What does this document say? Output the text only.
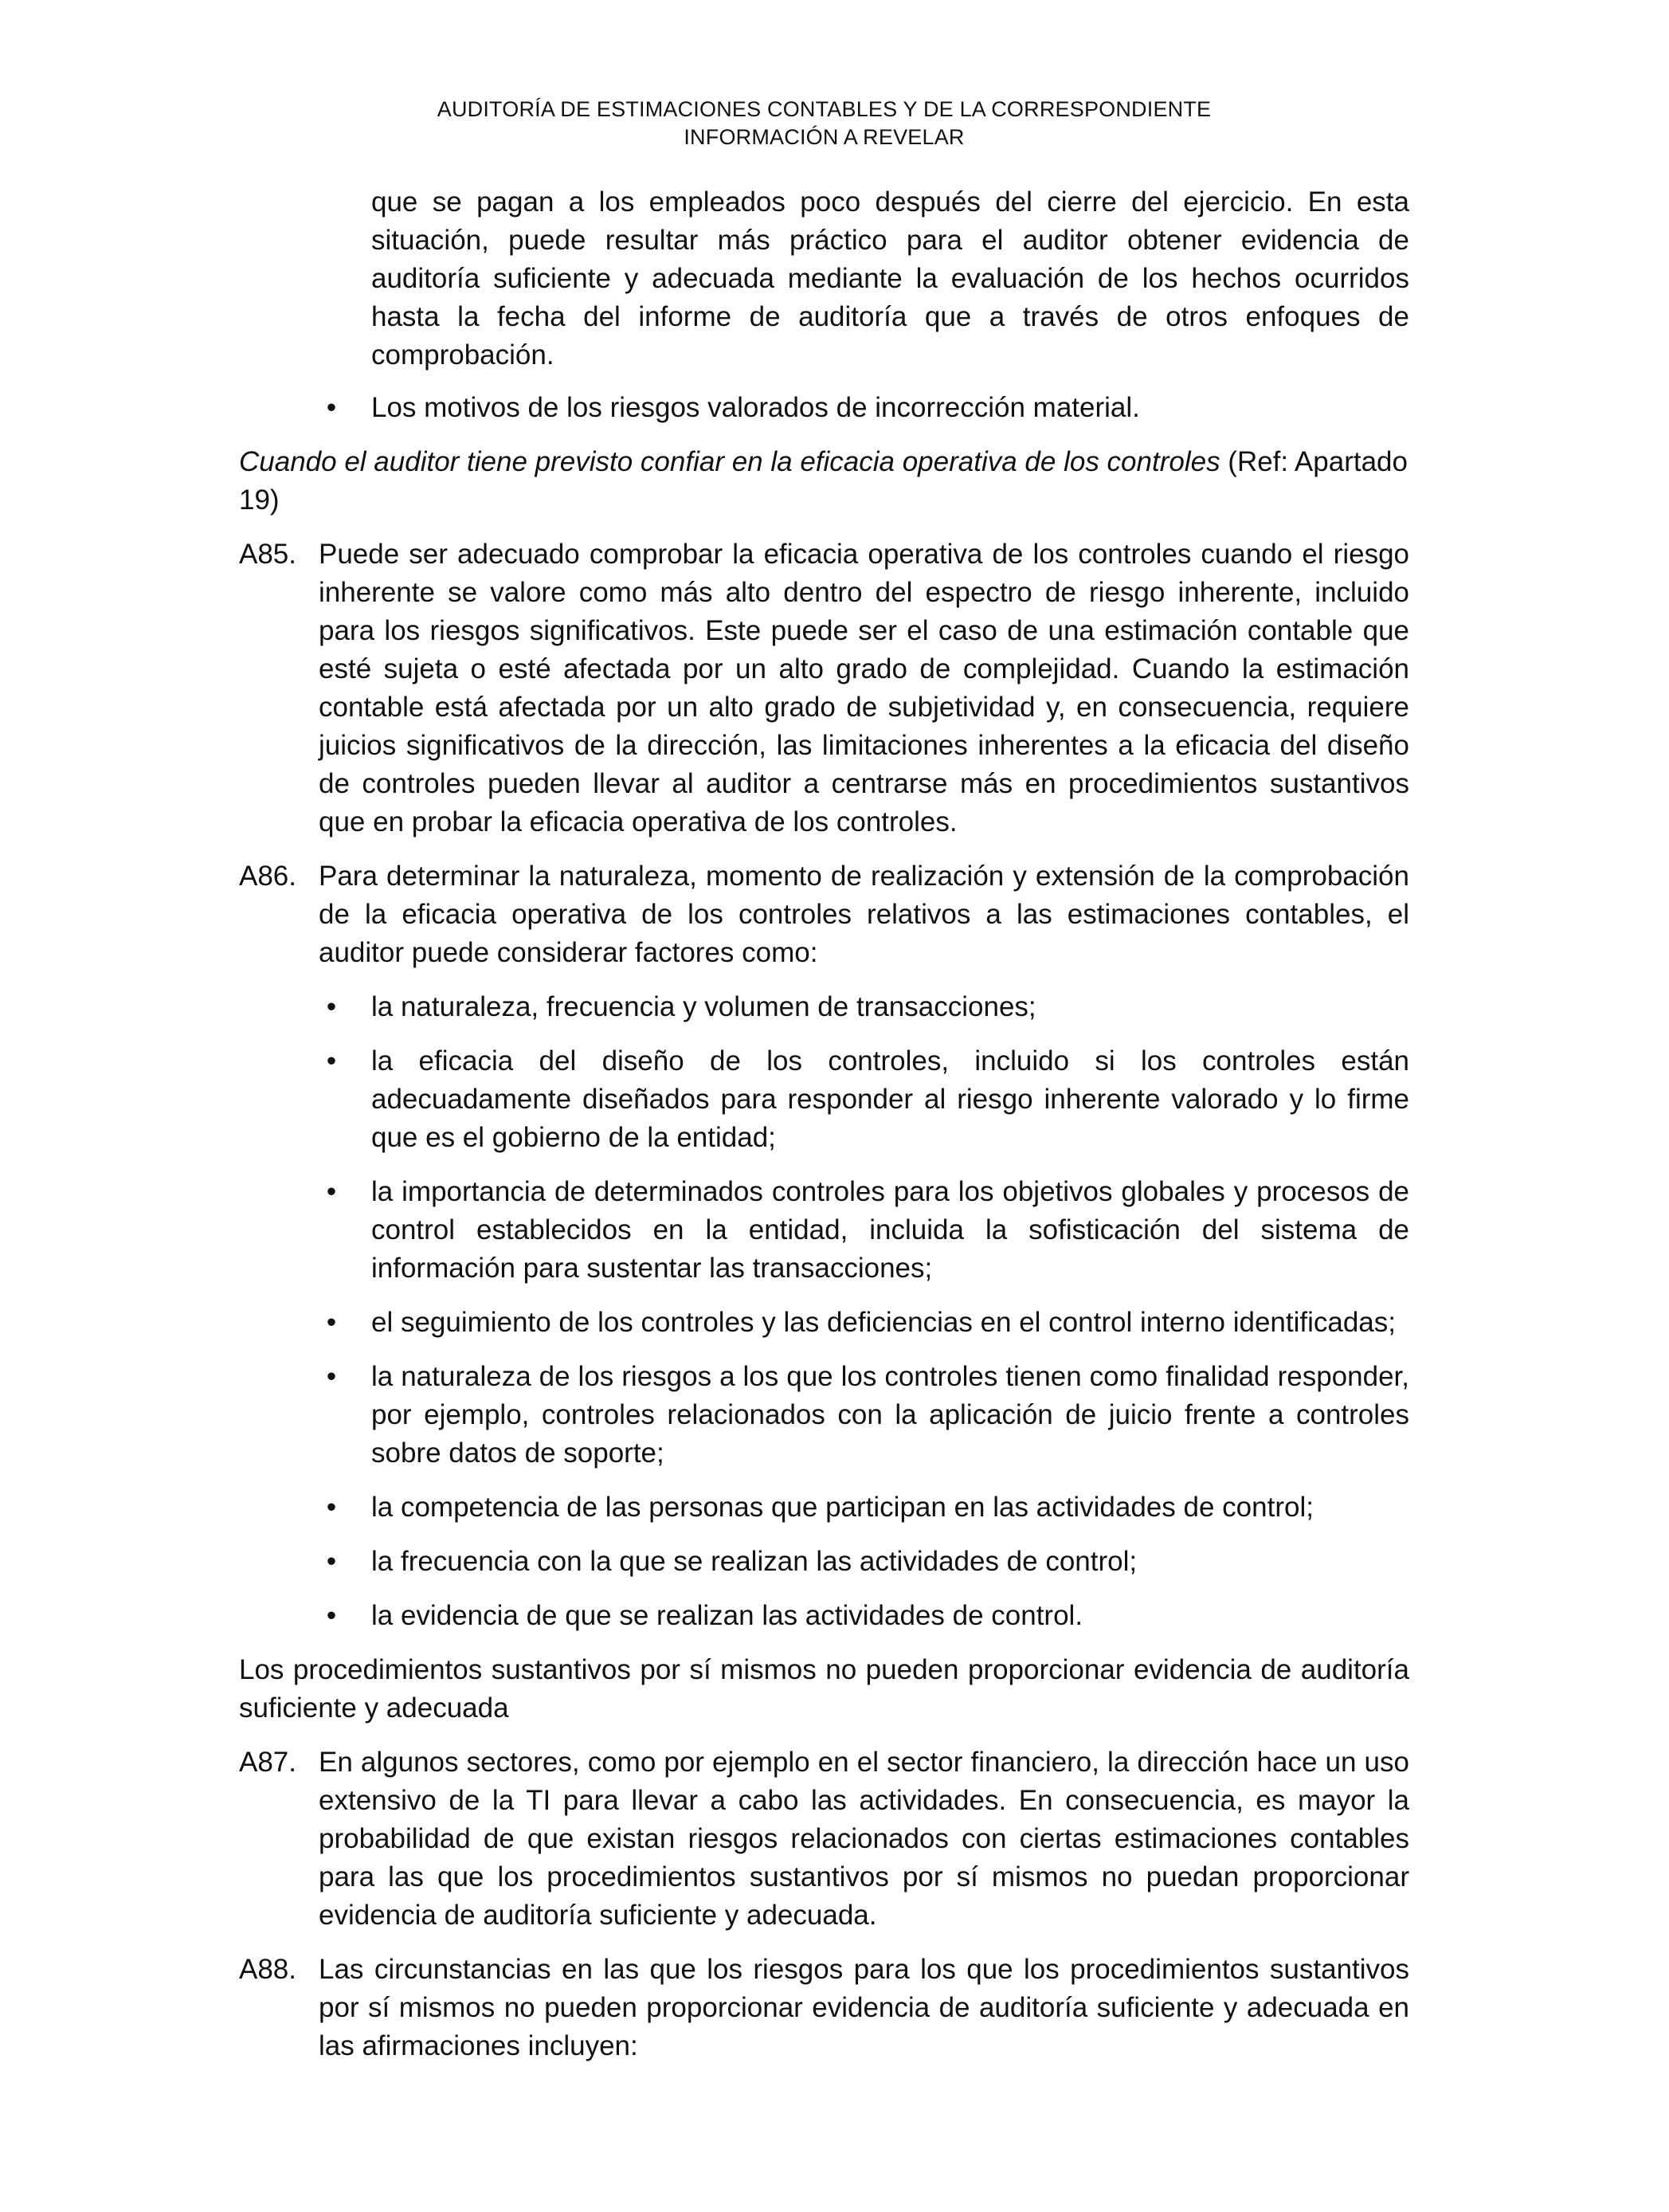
AUDITORÍA DE ESTIMACIONES CONTABLES Y DE LA CORRESPONDIENTE
INFORMACIÓN A REVELAR

que se pagan a los empleados poco después del cierre del ejercicio. En esta situación, puede resultar más práctico para el auditor obtener evidencia de auditoría suficiente y adecuada mediante la evaluación de los hechos ocurridos hasta la fecha del informe de auditoría que a través de otros enfoques de comprobación.

• Los motivos de los riesgos valorados de incorrección material.

Cuando el auditor tiene previsto confiar en la eficacia operativa de los controles (Ref: Apartado 19)

A85. Puede ser adecuado comprobar la eficacia operativa de los controles cuando el riesgo inherente se valore como más alto dentro del espectro de riesgo inherente, incluido para los riesgos significativos. Este puede ser el caso de una estimación contable que esté sujeta o esté afectada por un alto grado de complejidad. Cuando la estimación contable está afectada por un alto grado de subjetividad y, en consecuencia, requiere juicios significativos de la dirección, las limitaciones inherentes a la eficacia del diseño de controles pueden llevar al auditor a centrarse más en procedimientos sustantivos que en probar la eficacia operativa de los controles.
A86. Para determinar la naturaleza, momento de realización y extensión de la comprobación de la eficacia operativa de los controles relativos a las estimaciones contables, el auditor puede considerar factores como:
• la naturaleza, frecuencia y volumen de transacciones;
• la eficacia del diseño de los controles, incluido si los controles están adecuadamente diseñados para responder al riesgo inherente valorado y lo firme que es el gobierno de la entidad;
• la importancia de determinados controles para los objetivos globales y procesos de control establecidos en la entidad, incluida la sofisticación del sistema de información para sustentar las transacciones;
• el seguimiento de los controles y las deficiencias en el control interno identificadas;
• la naturaleza de los riesgos a los que los controles tienen como finalidad responder, por ejemplo, controles relacionados con la aplicación de juicio frente a controles sobre datos de soporte;
• la competencia de las personas que participan en las actividades de control;
• la frecuencia con la que se realizan las actividades de control;
• la evidencia de que se realizan las actividades de control.

Los procedimientos sustantivos por sí mismos no pueden proporcionar evidencia de auditoría suficiente y adecuada

A87. En algunos sectores, como por ejemplo en el sector financiero, la dirección hace un uso extensivo de la TI para llevar a cabo las actividades. En consecuencia, es mayor la probabilidad de que existan riesgos relacionados con ciertas estimaciones contables para las que los procedimientos sustantivos por sí mismos no puedan proporcionar evidencia de auditoría suficiente y adecuada.
A88. Las circunstancias en las que los riesgos para los que los procedimientos sustantivos por sí mismos no pueden proporcionar evidencia de auditoría suficiente y adecuada en las afirmaciones incluyen:
